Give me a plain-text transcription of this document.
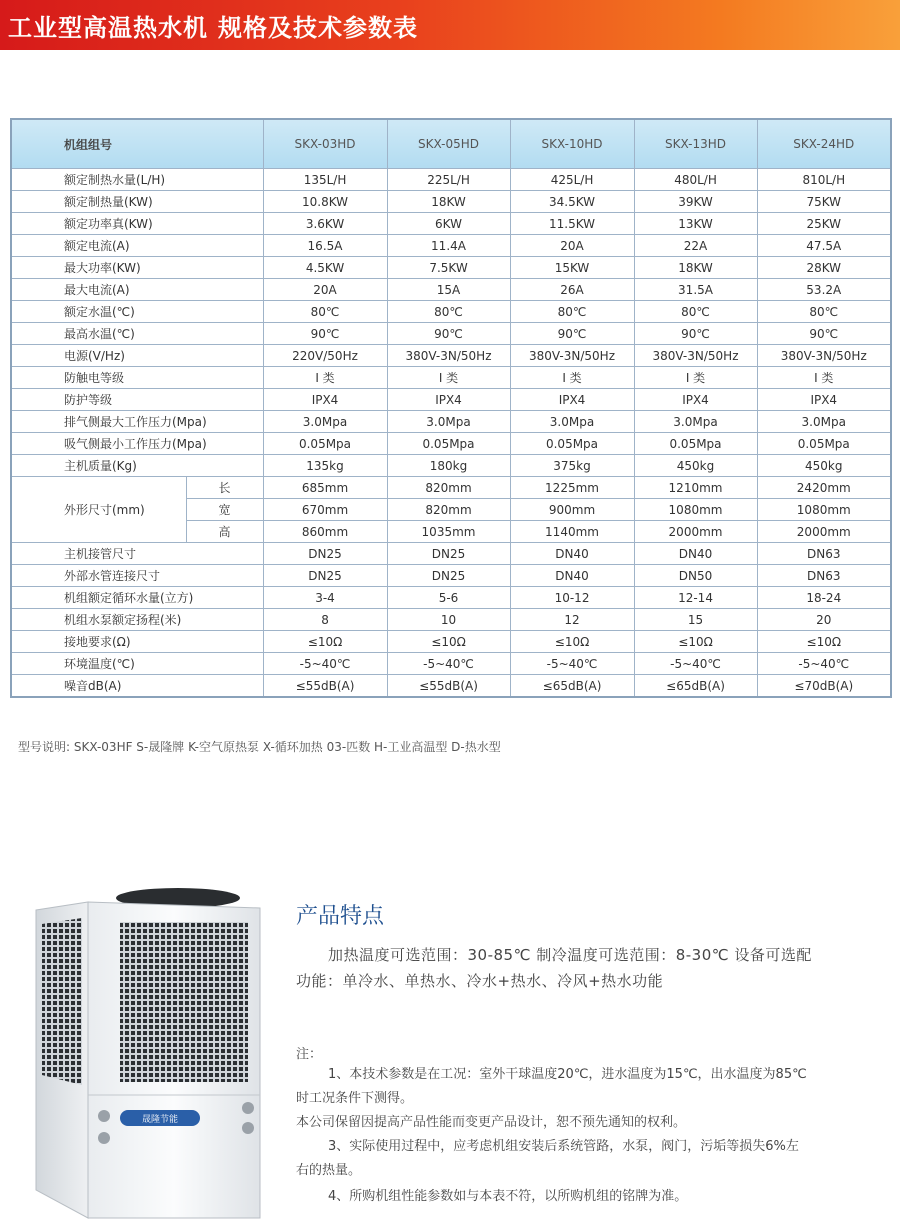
工业型高温热水机 规格及技术参数表
机组组号		SKX-03HD	SKX-05HD	SKX-10HD	SKX-13HD	SKX-24HD
额定制热水量(L/H)		135L/H	225L/H	425L/H	480L/H	810L/H
额定制热量(KW)		10.8KW	18KW	34.5KW	39KW	75KW
额定功率真(KW)		3.6KW	6KW	11.5KW	13KW	25KW
额定电流(A)		16.5A	11.4A	20A	22A	47.5A
最大功率(KW)		4.5KW	7.5KW	15KW	18KW	28KW
最大电流(A)		20A	15A	26A	31.5A	53.2A
额定水温(℃)		80℃	80℃	80℃	80℃	80℃
最高水温(℃)		90℃	90℃	90℃	90℃	90℃
电源(V/Hz)		220V/50Hz	380V-3N/50Hz	380V-3N/50Hz	380V-3N/50Hz	380V-3N/50Hz
防触电等级		I 类	I 类	I 类	I 类	I 类
防护等级		IPX4	IPX4	IPX4	IPX4	IPX4
排气侧最大工作压力(Mpa)		3.0Mpa	3.0Mpa	3.0Mpa	3.0Mpa	3.0Mpa
吸气侧最小工作压力(Mpa)		0.05Mpa	0.05Mpa	0.05Mpa	0.05Mpa	0.05Mpa
主机质量(Kg)		135kg	180kg	375kg	450kg	450kg
外形尺寸(mm)	长	685mm	820mm	1225mm	1210mm	2420mm
	宽	670mm	820mm	900mm	1080mm	1080mm
	高	860mm	1035mm	1140mm	2000mm	2000mm
主机接管尺寸		DN25	DN25	DN40	DN40	DN63
外部水管连接尺寸		DN25	DN25	DN40	DN50	DN63
机组额定循环水量(立方)		3-4	5-6	10-12	12-14	18-24
机组水泵额定扬程(米)		8	10	12	15	20
接地要求(Ω)		≤10Ω	≤10Ω	≤10Ω	≤10Ω	≤10Ω
环境温度(℃)		-5~40℃	-5~40℃	-5~40℃	-5~40℃	-5~40℃
噪音dB(A)		≤55dB(A)	≤55dB(A)	≤65dB(A)	≤65dB(A)	≤70dB(A)
型号说明: SKX-03HF S-晟隆牌 K-空气原热泵 X-循环加热 03-匹数 H-工业高温型 D-热水型
晟隆节能
产品特点

加热温度可选范围：30-85℃ 制冷温度可选范围：8-30℃ 设备可选配

功能：单冷水、单热水、冷水+热水、冷风+热水功能

注：

1、本技术参数是在工况：室外干球温度20℃，进水温度为15℃，出水温度为85℃

时工况条件下测得。

本公司保留因提高产品性能而变更产品设计，恕不预先通知的权利。

3、实际使用过程中，应考虑机组安装后系统管路，水泵，阀门，污垢等损失6%左

右的热量。

4、所购机组性能参数如与本表不符，以所购机组的铭牌为准。
